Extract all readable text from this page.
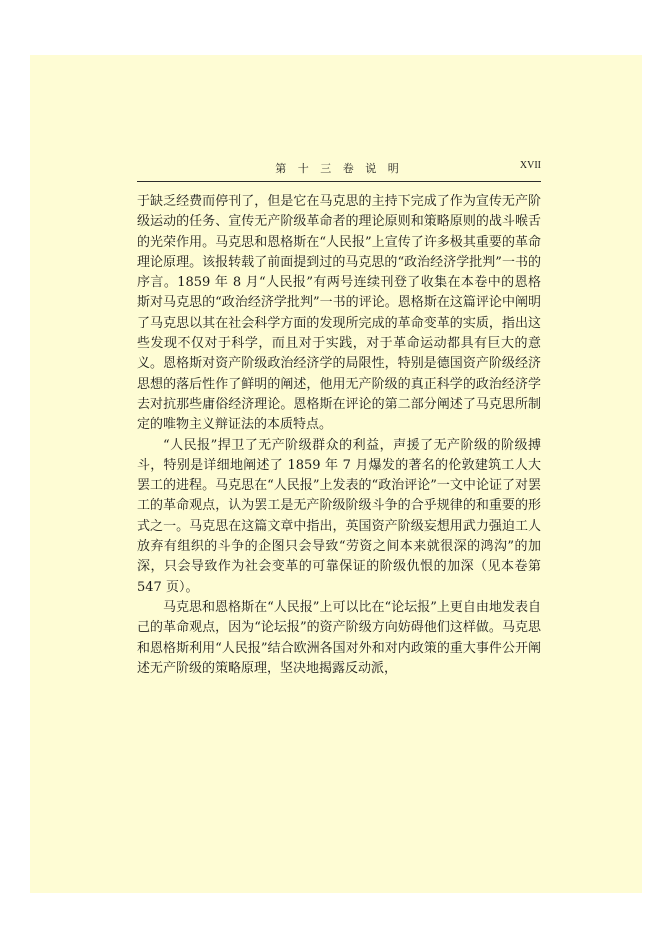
第 十 三 卷 说 明	XVII

于缺乏经费而停刊了，但是它在马克思的主持下完成了作为宣传无产阶级运动的任务、宣传无产阶级革命者的理论原则和策略原则的战斗喉舌的光荣作用。马克思和恩格斯在“人民报”上宣传了许多极其重要的革命理论原理。该报转载了前面提到过的马克思的“政治经济学批判”一书的序言。1859 年 8 月“人民报”有两号连续刊登了收集在本卷中的恩格斯对马克思的“政治经济学批判”一书的评论。恩格斯在这篇评论中阐明了马克思以其在社会科学方面的发现所完成的革命变革的实质，指出这些发现不仅对于科学，而且对于实践，对于革命运动都具有巨大的意义。恩格斯对资产阶级政治经济学的局限性，特别是德国资产阶级经济思想的落后性作了鲜明的阐述，他用无产阶级的真正科学的政治经济学去对抗那些庸俗经济理论。恩格斯在评论的第二部分阐述了马克思所制定的唯物主义辩证法的本质特点。

“人民报”捍卫了无产阶级群众的利益，声援了无产阶级的阶级搏斗，特别是详细地阐述了 1859 年 7 月爆发的著名的伦敦建筑工人大罢工的进程。马克思在“人民报”上发表的“政治评论”一文中论证了对罢工的革命观点，认为罢工是无产阶级阶级斗争的合乎规律的和重要的形式之一。马克思在这篇文章中指出，英国资产阶级妄想用武力强迫工人放弃有组织的斗争的企图只会导致“劳资之间本来就很深的鸿沟”的加深，只会导致作为社会变革的可靠保证的阶级仇恨的加深（见本卷第 547 页）。

马克思和恩格斯在“人民报”上可以比在“论坛报”上更自由地发表自己的革命观点，因为“论坛报”的资产阶级方向妨碍他们这样做。马克思和恩格斯利用“人民报”结合欧洲各国对外和对内政策的重大事件公开阐述无产阶级的策略原理，坚决地揭露反动派，
